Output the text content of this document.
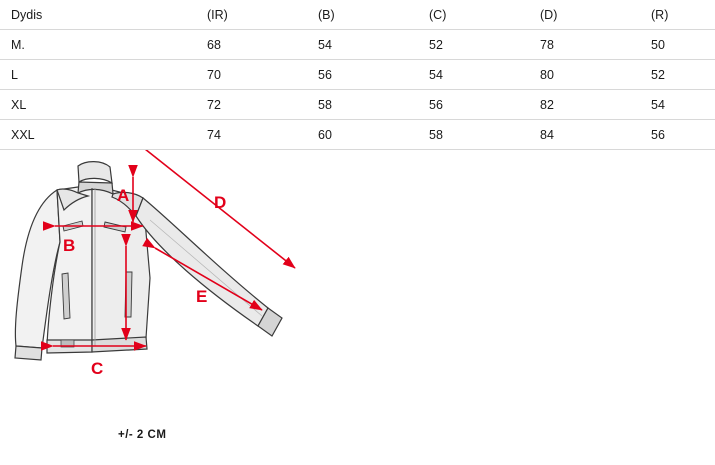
Dydis	(IR)	(B)	(C)	(D)	(R)
M.	68	54	52	78	50
L	70	56	54	80	52
XL	72	58	56	82	54
XXL	74	60	58	84	56
A
B
C
D
E
+/- 2 CM
